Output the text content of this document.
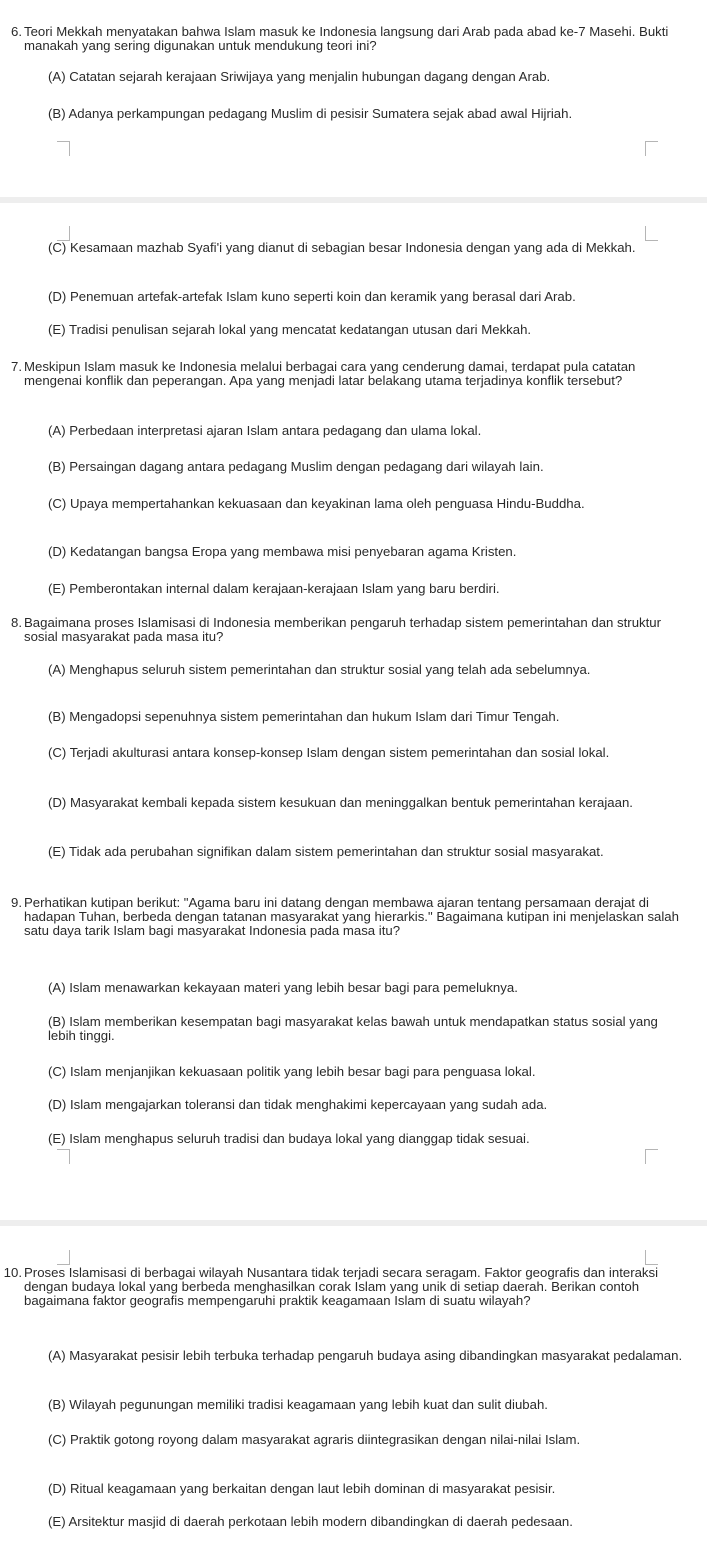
6. Teori Mekkah menyatakan bahwa Islam masuk ke Indonesia langsung dari Arab pada abad ke-7 Masehi. Bukti manakah yang sering digunakan untuk mendukung teori ini?
(A) Catatan sejarah kerajaan Sriwijaya yang menjalin hubungan dagang dengan Arab.
(B) Adanya perkampungan pedagang Muslim di pesisir Sumatera sejak abad awal Hijriah.
(C) Kesamaan mazhab Syafi'i yang dianut di sebagian besar Indonesia dengan yang ada di Mekkah.
(D) Penemuan artefak-artefak Islam kuno seperti koin dan keramik yang berasal dari Arab.
(E) Tradisi penulisan sejarah lokal yang mencatat kedatangan utusan dari Mekkah.
7. Meskipun Islam masuk ke Indonesia melalui berbagai cara yang cenderung damai, terdapat pula catatan mengenai konflik dan peperangan. Apa yang menjadi latar belakang utama terjadinya konflik tersebut?
(A) Perbedaan interpretasi ajaran Islam antara pedagang dan ulama lokal.
(B) Persaingan dagang antara pedagang Muslim dengan pedagang dari wilayah lain.
(C) Upaya mempertahankan kekuasaan dan keyakinan lama oleh penguasa Hindu-Buddha.
(D) Kedatangan bangsa Eropa yang membawa misi penyebaran agama Kristen.
(E) Pemberontakan internal dalam kerajaan-kerajaan Islam yang baru berdiri.
8. Bagaimana proses Islamisasi di Indonesia memberikan pengaruh terhadap sistem pemerintahan dan struktur sosial masyarakat pada masa itu?
(A) Menghapus seluruh sistem pemerintahan dan struktur sosial yang telah ada sebelumnya.
(B) Mengadopsi sepenuhnya sistem pemerintahan dan hukum Islam dari Timur Tengah.
(C) Terjadi akulturasi antara konsep-konsep Islam dengan sistem pemerintahan dan sosial lokal.
(D) Masyarakat kembali kepada sistem kesukuan dan meninggalkan bentuk pemerintahan kerajaan.
(E) Tidak ada perubahan signifikan dalam sistem pemerintahan dan struktur sosial masyarakat.
9. Perhatikan kutipan berikut: "Agama baru ini datang dengan membawa ajaran tentang persamaan derajat di hadapan Tuhan, berbeda dengan tatanan masyarakat yang hierarkis." Bagaimana kutipan ini menjelaskan salah satu daya tarik Islam bagi masyarakat Indonesia pada masa itu?
(A) Islam menawarkan kekayaan materi yang lebih besar bagi para pemeluknya.
(B) Islam memberikan kesempatan bagi masyarakat kelas bawah untuk mendapatkan status sosial yang lebih tinggi.
(C) Islam menjanjikan kekuasaan politik yang lebih besar bagi para penguasa lokal.
(D) Islam mengajarkan toleransi dan tidak menghakimi kepercayaan yang sudah ada.
(E) Islam menghapus seluruh tradisi dan budaya lokal yang dianggap tidak sesuai.
10. Proses Islamisasi di berbagai wilayah Nusantara tidak terjadi secara seragam. Faktor geografis dan interaksi dengan budaya lokal yang berbeda menghasilkan corak Islam yang unik di setiap daerah. Berikan contoh bagaimana faktor geografis mempengaruhi praktik keagamaan Islam di suatu wilayah?
(A) Masyarakat pesisir lebih terbuka terhadap pengaruh budaya asing dibandingkan masyarakat pedalaman.
(B) Wilayah pegunungan memiliki tradisi keagamaan yang lebih kuat dan sulit diubah.
(C) Praktik gotong royong dalam masyarakat agraris diintegrasikan dengan nilai-nilai Islam.
(D) Ritual keagamaan yang berkaitan dengan laut lebih dominan di masyarakat pesisir.
(E) Arsitektur masjid di daerah perkotaan lebih modern dibandingkan di daerah pedesaan.
